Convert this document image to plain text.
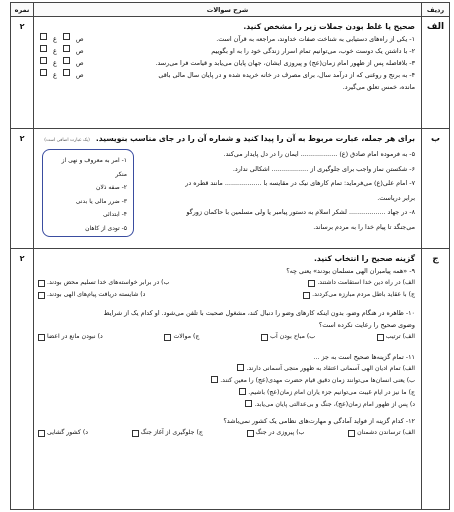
ردیف
شرح سوالات
نمره
الف
صحیح یا غلط بودن جملات زیر را مشخص کنید.
۱- یکی از راه‌های دستیابی به شناخت صفات خداوند، مراجعه به قرآن است.
غ	ص
۲- با داشتن یک دوست خوب، می‌توانیم تمام اسرار زندگی خود را به او بگوییم
غ	ص
۳- بلافاصله پس از ظهور امام زمان(عج) و پیروزی ایشان، جهان پایان می‌یابد و قیامت فرا می‌رسد.
غ	ص
۴- به برنج و روغنی که از درآمد سال، برای مصرف در خانه خریده شده و در پایان سال مالی باقی
غ	ص
مانده، خمس تعلق می‌گیرد.
۲
ب
برای هر جمله، عبارت مربوط به آن را پیدا کنید و شماره آن را در جای مناسب بنویسید.(یک عبارت اضافی است)
۱- امر به معروف و نهی از منکر
۲- صفه ذلان
۳- ضرر مالی یا بدنی
۴- ابتدائی
۵- تودی از کاهان
۵- به فرموده امام صادق (ع) .................. ایمان را در دل پایدار می‌کند.
۶- شکستن نماز واجب برای جلوگیری از .................. اشکالی ندارد.
۷- امام علی(ع) می‌فرماید: تمام کارهای نیک در مقایسه با .................. مانند قطره در
برابر دریاست.
۸- در جهاد .................. لشکر اسلام به دستور پیامبر یا ولی مسلمین با حاکمان زورگو
می‌جنگد تا پیام خدا را به مردم برساند.
۲
ج
گزینه صحیح را انتخاب کنید.
۹- «همه پیامبران الهی مسلمان بودند» یعنی چه؟
الف) در راه دین خدا استقامت داشتند.
ب) در برابر خواسته‌های خدا تسلیم محض بودند.
ج) با عقاید باطل مردم مبارزه می‌کردند.
د) شایسته دریافت پیام‌های الهی بودند.
۱۰- ظاهره در هنگام وضو، بدون اینکه کارهای وضو را دنبال کند، مشغول صحبت با تلفن می‌شود. او کدام یک از شرایط
وضوی صحیح را رعایت نکرده است؟
الف) ترتیب
ب) مباح بودن آب
ج) موالات
د) نبودن مانع در اعضا
۱۱- تمام گزینه‌ها صحیح است به جز ...
الف) تمام ادیان الهی آسمانی اعتقاد به ظهور منجی آسمانی دارند.
ب) یعنی انسان‌ها می‌توانند زمان دقیق قیام حضرت مهدی(عج) را معین کنند.
ج) ما نیز در ایام غیبت می‌توانیم جزء یاران امام زمان(عج) باشیم.
د) پس از ظهور امام زمان(عج)، جنگ و بی‌عدالتی پایان می‌یابد.
۱۲- کدام گزینه از فواید آمادگی و مهارت‌های نظامی یک کشور نمی‌باشد؟
الف) ترساندن دشمنان
ب) پیروزی در جنگ
ج) جلوگیری از آغاز جنگ
د) کشور گشایی
۲
